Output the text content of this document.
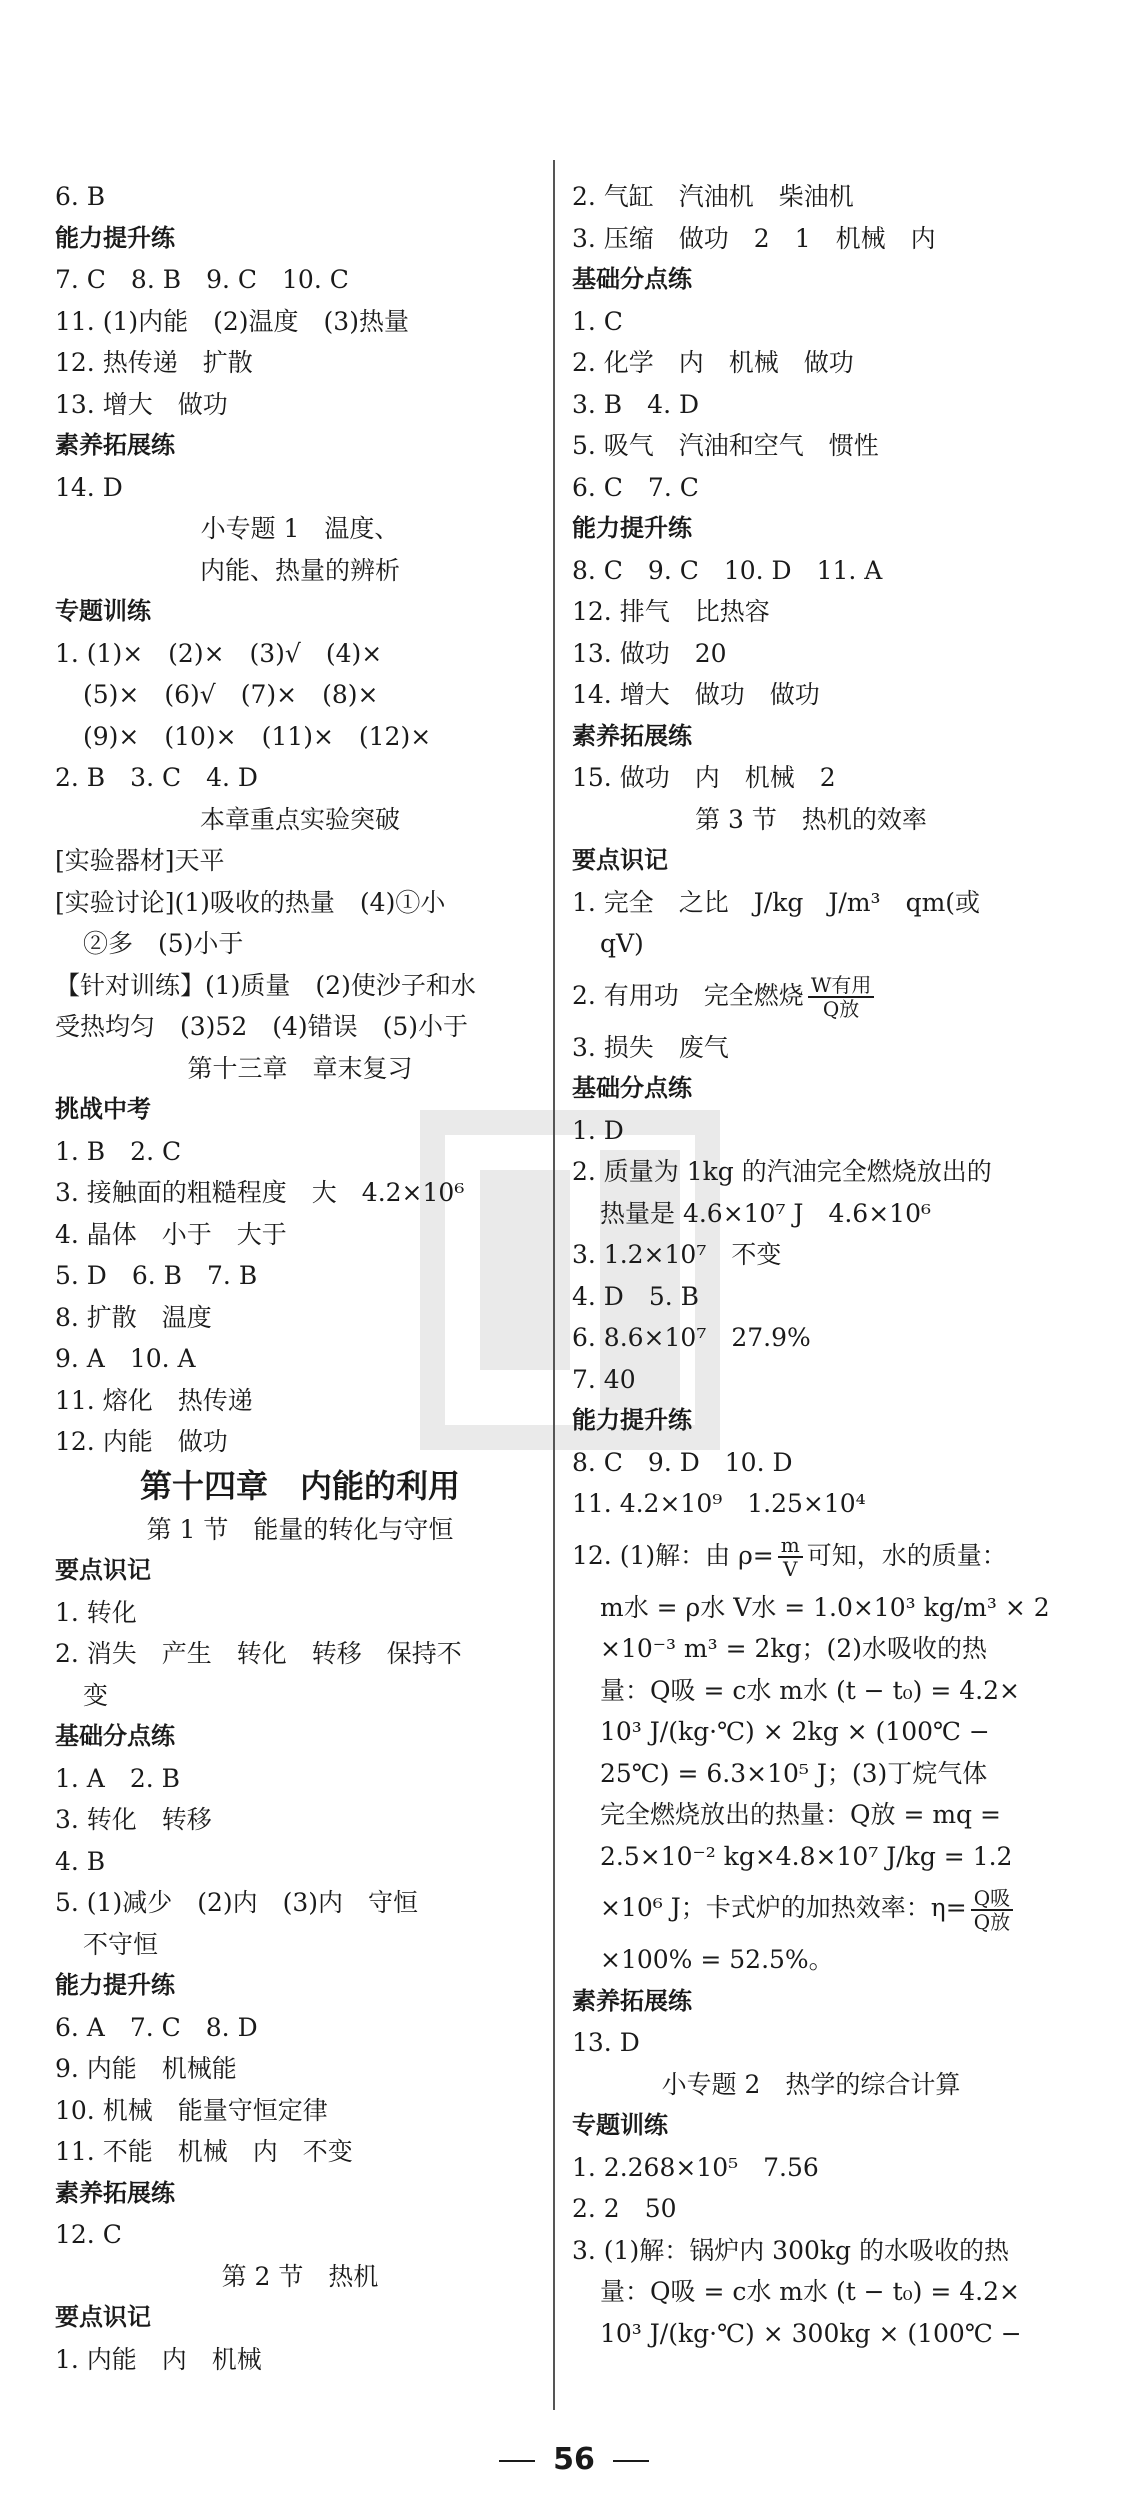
6. B
能力提升练
7. C　8. B　9. C　10. C
11. (1)内能　(2)温度　(3)热量
12. 热传递　扩散
13. 增大　做功
素养拓展练
14. D
小专题 1　温度、
内能、热量的辨析
专题训练
1. (1)×　(2)×　(3)√　(4)×
(5)×　(6)√　(7)×　(8)×
(9)×　(10)×　(11)×　(12)×
2. B　3. C　4. D
本章重点实验突破
[实验器材]天平
[实验讨论](1)吸收的热量　(4)①小
②多　(5)小于
【针对训练】(1)质量　(2)使沙子和水
受热均匀　(3)52　(4)错误　(5)小于
第十三章　章末复习
挑战中考
1. B　2. C
3. 接触面的粗糙程度　大　4.2×10⁶
4. 晶体　小于　大于
5. D　6. B　7. B
8. 扩散　温度
9. A　10. A
11. 熔化　热传递
12. 内能　做功
第十四章　内能的利用
第 1 节　能量的转化与守恒
要点识记
1. 转化
2. 消失　产生　转化　转移　保持不
变
基础分点练
1. A　2. B
3. 转化　转移
4. B
5. (1)减少　(2)内　(3)内　守恒
不守恒
能力提升练
6. A　7. C　8. D
9. 内能　机械能
10. 机械　能量守恒定律
11. 不能　机械　内　不变
素养拓展练
12. C
第 2 节　热机
要点识记
1. 内能　内　机械
2. 气缸　汽油机　柴油机
3. 压缩　做功　2　1　机械　内
基础分点练
1. C
2. 化学　内　机械　做功
3. B　4. D
5. 吸气　汽油和空气　惯性
6. C　7. C
能力提升练
8. C　9. C　10. D　11. A
12. 排气　比热容
13. 做功　20
14. 增大　做功　做功
素养拓展练
15. 做功　内　机械　2
第 3 节　热机的效率
要点识记
1. 完全　之比　J/kg　J/m³　qm(或
qV)
2. 有用功　完全燃烧 $\frac{\text{W有用}}{\text{Q放}}$
3. 损失　废气
基础分点练
1. D
2. 质量为 1kg 的汽油完全燃烧放出的
热量是 4.6×10⁷ J　4.6×10⁶
3. 1.2×10⁷　不变
4. D　5. B
6. 8.6×10⁷　27.9%
7. 40
能力提升练
8. C　9. D　10. D
11. 4.2×10⁹　1.25×10⁴
12. (1)解：由 $\rho= \frac{m}{V}$ 可知，水的质量：
m水 = ρ水 V水 = 1.0×10³ kg/m³ × 2
×10⁻³ m³ = 2kg；(2)水吸收的热
量：Q吸 = c水 m水 (t − t₀) = 4.2×
10³ J/(kg·℃) × 2kg × (100℃ −
25℃) = 6.3×10⁵ J；(3)丁烷气体
完全燃烧放出的热量：Q放 = mq =
2.5×10⁻² kg×4.8×10⁷ J/kg = 1.2
×10⁶ J；卡式炉的加热效率：$\eta= \frac{\text{Q吸}}{\text{Q放}}$
×100% = 52.5%。
素养拓展练
13. D
小专题 2　热学的综合计算
专题训练
1. 2.268×10⁵　7.56
2. 2　50
3. (1)解：锅炉内 300kg 的水吸收的热
量：Q吸 = c水 m水 (t − t₀) = 4.2×
10³ J/(kg·℃) × 300kg × (100℃ −
56
